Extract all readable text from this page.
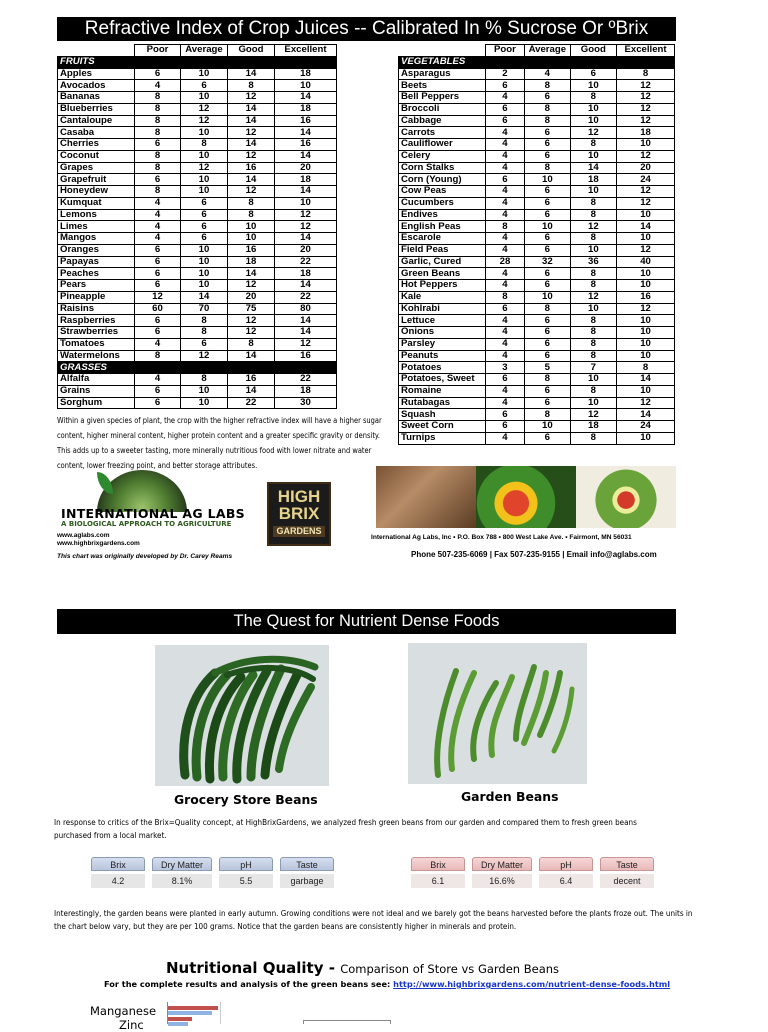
Refractive Index of Crop Juices -- Calibrated In % Sucrose Or ºBrix
	Poor	Average	Good	Excellent
FRUITS				
Apples	6	10	14	18
Avocados	4	6	8	10
Bananas	8	10	12	14
Blueberries	8	12	14	18
Cantaloupe	8	12	14	16
Casaba	8	10	12	14
Cherries	6	8	14	16
Coconut	8	10	12	14
Grapes	8	12	16	20
Grapefruit	6	10	14	18
Honeydew	8	10	12	14
Kumquat	4	6	8	10
Lemons	4	6	8	12
Limes	4	6	10	12
Mangos	4	6	10	14
Oranges	6	10	16	20
Papayas	6	10	18	22
Peaches	6	10	14	18
Pears	6	10	12	14
Pineapple	12	14	20	22
Raisins	60	70	75	80
Raspberries	6	8	12	14
Strawberries	6	8	12	14
Tomatoes	4	6	8	12
Watermelons	8	12	14	16
GRASSES				
Alfalfa	4	8	16	22
Grains	6	10	14	18
Sorghum	6	10	22	30
	Poor	Average	Good	Excellent
VEGETABLES				
Asparagus	2	4	6	8
Beets	6	8	10	12
Bell Peppers	4	6	8	12
Broccoli	6	8	10	12
Cabbage	6	8	10	12
Carrots	4	6	12	18
Cauliflower	4	6	8	10
Celery	4	6	10	12
Corn Stalks	4	8	14	20
Corn (Young)	6	10	18	24
Cow Peas	4	6	10	12
Cucumbers	4	6	8	12
Endives	4	6	8	10
English Peas	8	10	12	14
Escarole	4	6	8	10
Field Peas	4	6	10	12
Garlic, Cured	28	32	36	40
Green Beans	4	6	8	10
Hot Peppers	4	6	8	10
Kale	8	10	12	16
Kohlrabi	6	8	10	12
Lettuce	4	6	8	10
Onions	4	6	8	10
Parsley	4	6	8	10
Peanuts	4	6	8	10
Potatoes	3	5	7	8
Potatoes, Sweet	6	8	10	14
Romaine	4	6	8	10
Rutabagas	4	6	10	12
Squash	6	8	12	14
Sweet Corn	6	10	18	24
Turnips	4	6	8	10
Within a given species of plant, the crop with the higher refractive index will have a higher sugar content, higher mineral content, higher protein content and a greater specific gravity or density. This adds up to a sweeter tasting, more minerally nutritious food with lower nitrate and water content, lower freezing point, and better storage attributes.
INTERNATIONAL AG LABS
A BIOLOGICAL APPROACH TO AGRICULTURE
www.aglabs.com
www.highbrixgardens.com
This chart was originally developed by Dr. Carey Reams
HIGH
BRIX
GARDENS
International Ag Labs, Inc • P.O. Box 788 • 800 West Lake Ave. • Fairmont, MN 56031
Phone 507-235-6069 | Fax 507-235-9155 | Email info@aglabs.com
The Quest for Nutrient Dense Foods
Grocery Store Beans	Garden Beans
In response to critics of the Brix=Quality concept, at HighBrixGardens, we analyzed fresh green beans from our garden and compared them to fresh green beans purchased from a local market.
Brix
4.2
Dry Matter
8.1%
pH
5.5
Taste
garbage
Brix
6.1
Dry Matter
16.6%
pH
6.4
Taste
decent
Interestingly, the garden beans were planted in early autumn. Growing conditions were not ideal and we barely got the beans harvested before the plants froze out. The units in the chart below vary, but they are per 100 grams. Notice that the garden beans are consistently higher in minerals and protein.
Nutritional Quality - Comparison of Store vs Garden Beans
For the complete results and analysis of the green beans see: http://www.highbrixgardens.com/nutrient-dense-foods.html
Manganese
Zinc
